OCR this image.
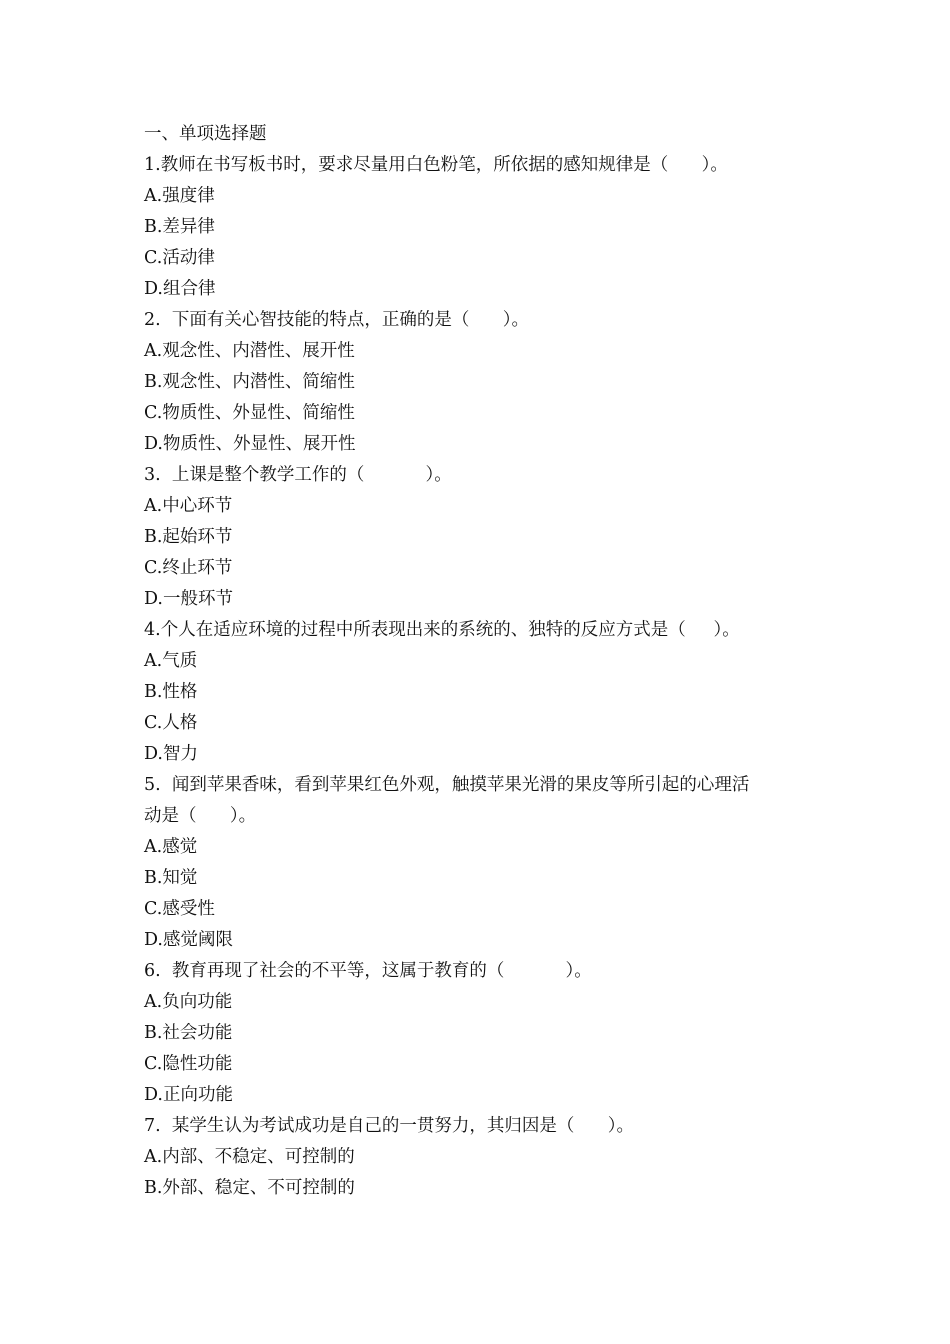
一、单项选择题
1.教师在书写板书时，要求尽量用白色粉笔，所依据的感知规律是（      ）。
A.强度律
B.差异律
C.活动律
D.组合律
2.  下面有关心智技能的特点，正确的是（      ）。
A.观念性、内潜性、展开性
B.观念性、内潜性、简缩性
C.物质性、外显性、简缩性
D.物质性、外显性、展开性
3.  上课是整个教学工作的（           ）。
A.中心环节
B.起始环节
C.终止环节
D.一般环节
4.个人在适应环境的过程中所表现出来的系统的、独特的反应方式是（     ）。
A.气质
B.性格
C.人格
D.智力
5.  闻到苹果香味，看到苹果红色外观，触摸苹果光滑的果皮等所引起的心理活
动是（      ）。
A.感觉
B.知觉
C.感受性
D.感觉阈限
6.  教育再现了社会的不平等，这属于教育的（           ）。
A.负向功能
B.社会功能
C.隐性功能
D.正向功能
7.  某学生认为考试成功是自己的一贯努力，其归因是（      ）。
A.内部、不稳定、可控制的
B.外部、稳定、不可控制的
